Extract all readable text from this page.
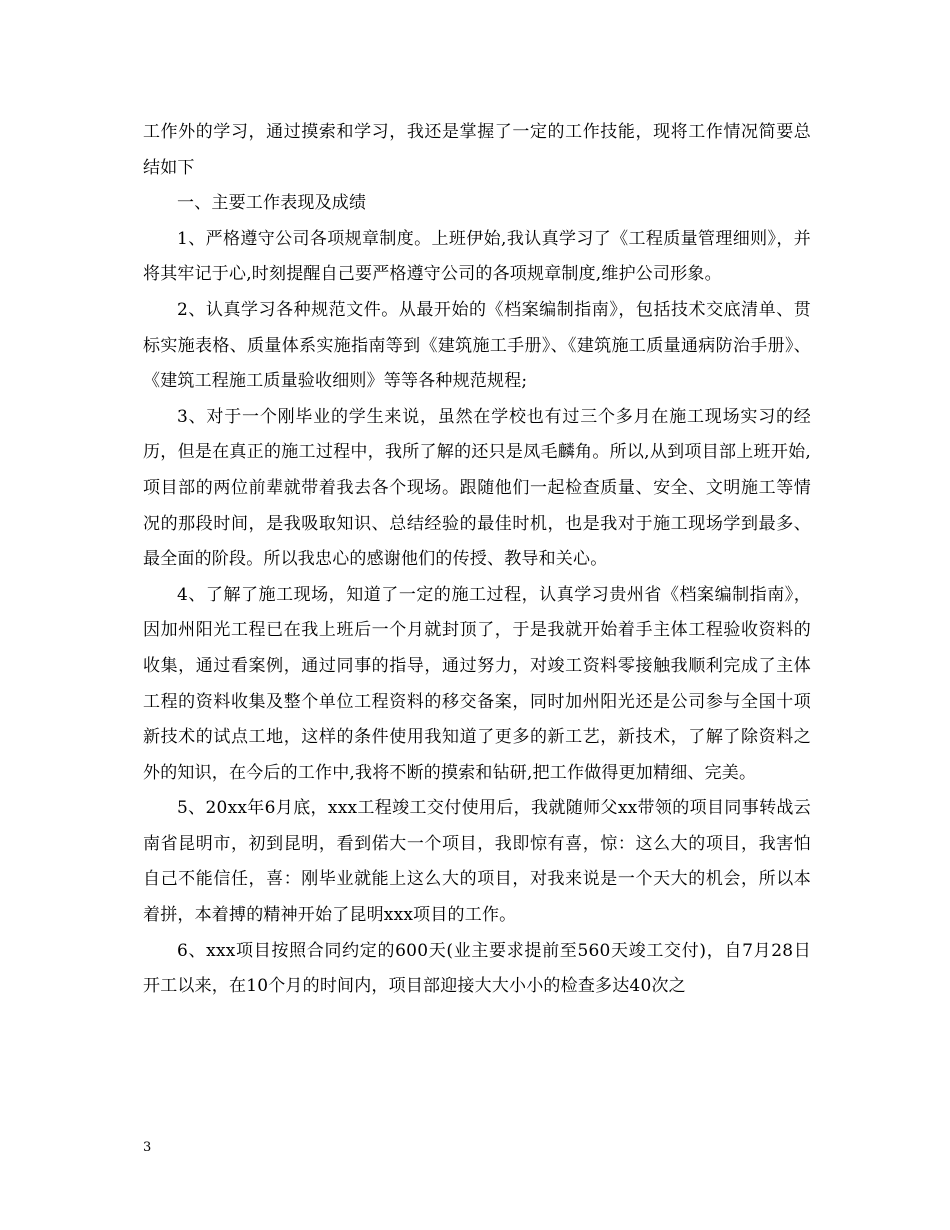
工作外的学习，通过摸索和学习，我还是掌握了一定的工作技能，现将工作情况简要总结如下

一、主要工作表现及成绩

1、严格遵守公司各项规章制度。上班伊始,我认真学习了《工程质量管理细则》，并将其牢记于心,时刻提醒自己要严格遵守公司的各项规章制度,维护公司形象。

2、认真学习各种规范文件。从最开始的《档案编制指南》，包括技术交底清单、贯标实施表格、质量体系实施指南等到《建筑施工手册》、《建筑施工质量通病防治手册》、《建筑工程施工质量验收细则》等等各种规范规程;

3、对于一个刚毕业的学生来说，虽然在学校也有过三个多月在施工现场实习的经历，但是在真正的施工过程中，我所了解的还只是凤毛麟角。所以,从到项目部上班开始,项目部的两位前辈就带着我去各个现场。跟随他们一起检查质量、安全、文明施工等情况的那段时间，是我吸取知识、总结经验的最佳时机，也是我对于施工现场学到最多、最全面的阶段。所以我忠心的感谢他们的传授、教导和关心。

4、了解了施工现场，知道了一定的施工过程，认真学习贵州省《档案编制指南》，因加州阳光工程已在我上班后一个月就封顶了，于是我就开始着手主体工程验收资料的收集，通过看案例，通过同事的指导，通过努力，对竣工资料零接触我顺利完成了主体工程的资料收集及整个单位工程资料的移交备案，同时加州阳光还是公司参与全国十项新技术的试点工地，这样的条件使用我知道了更多的新工艺，新技术，了解了除资料之外的知识，在今后的工作中,我将不断的摸索和钻研,把工作做得更加精细、完美。

5、20xx年6月底，xxx工程竣工交付使用后，我就随师父xx带领的项目同事转战云南省昆明市，初到昆明，看到偌大一个项目，我即惊有喜，惊：这么大的项目，我害怕自己不能信任，喜：刚毕业就能上这么大的项目，对我来说是一个天大的机会，所以本着拼，本着搏的精神开始了昆明xxx项目的工作。

6、xxx项目按照合同约定的600天(业主要求提前至560天竣工交付)，自7月28日开工以来，在10个月的时间内，项目部迎接大大小小的检查多达40次之

3
